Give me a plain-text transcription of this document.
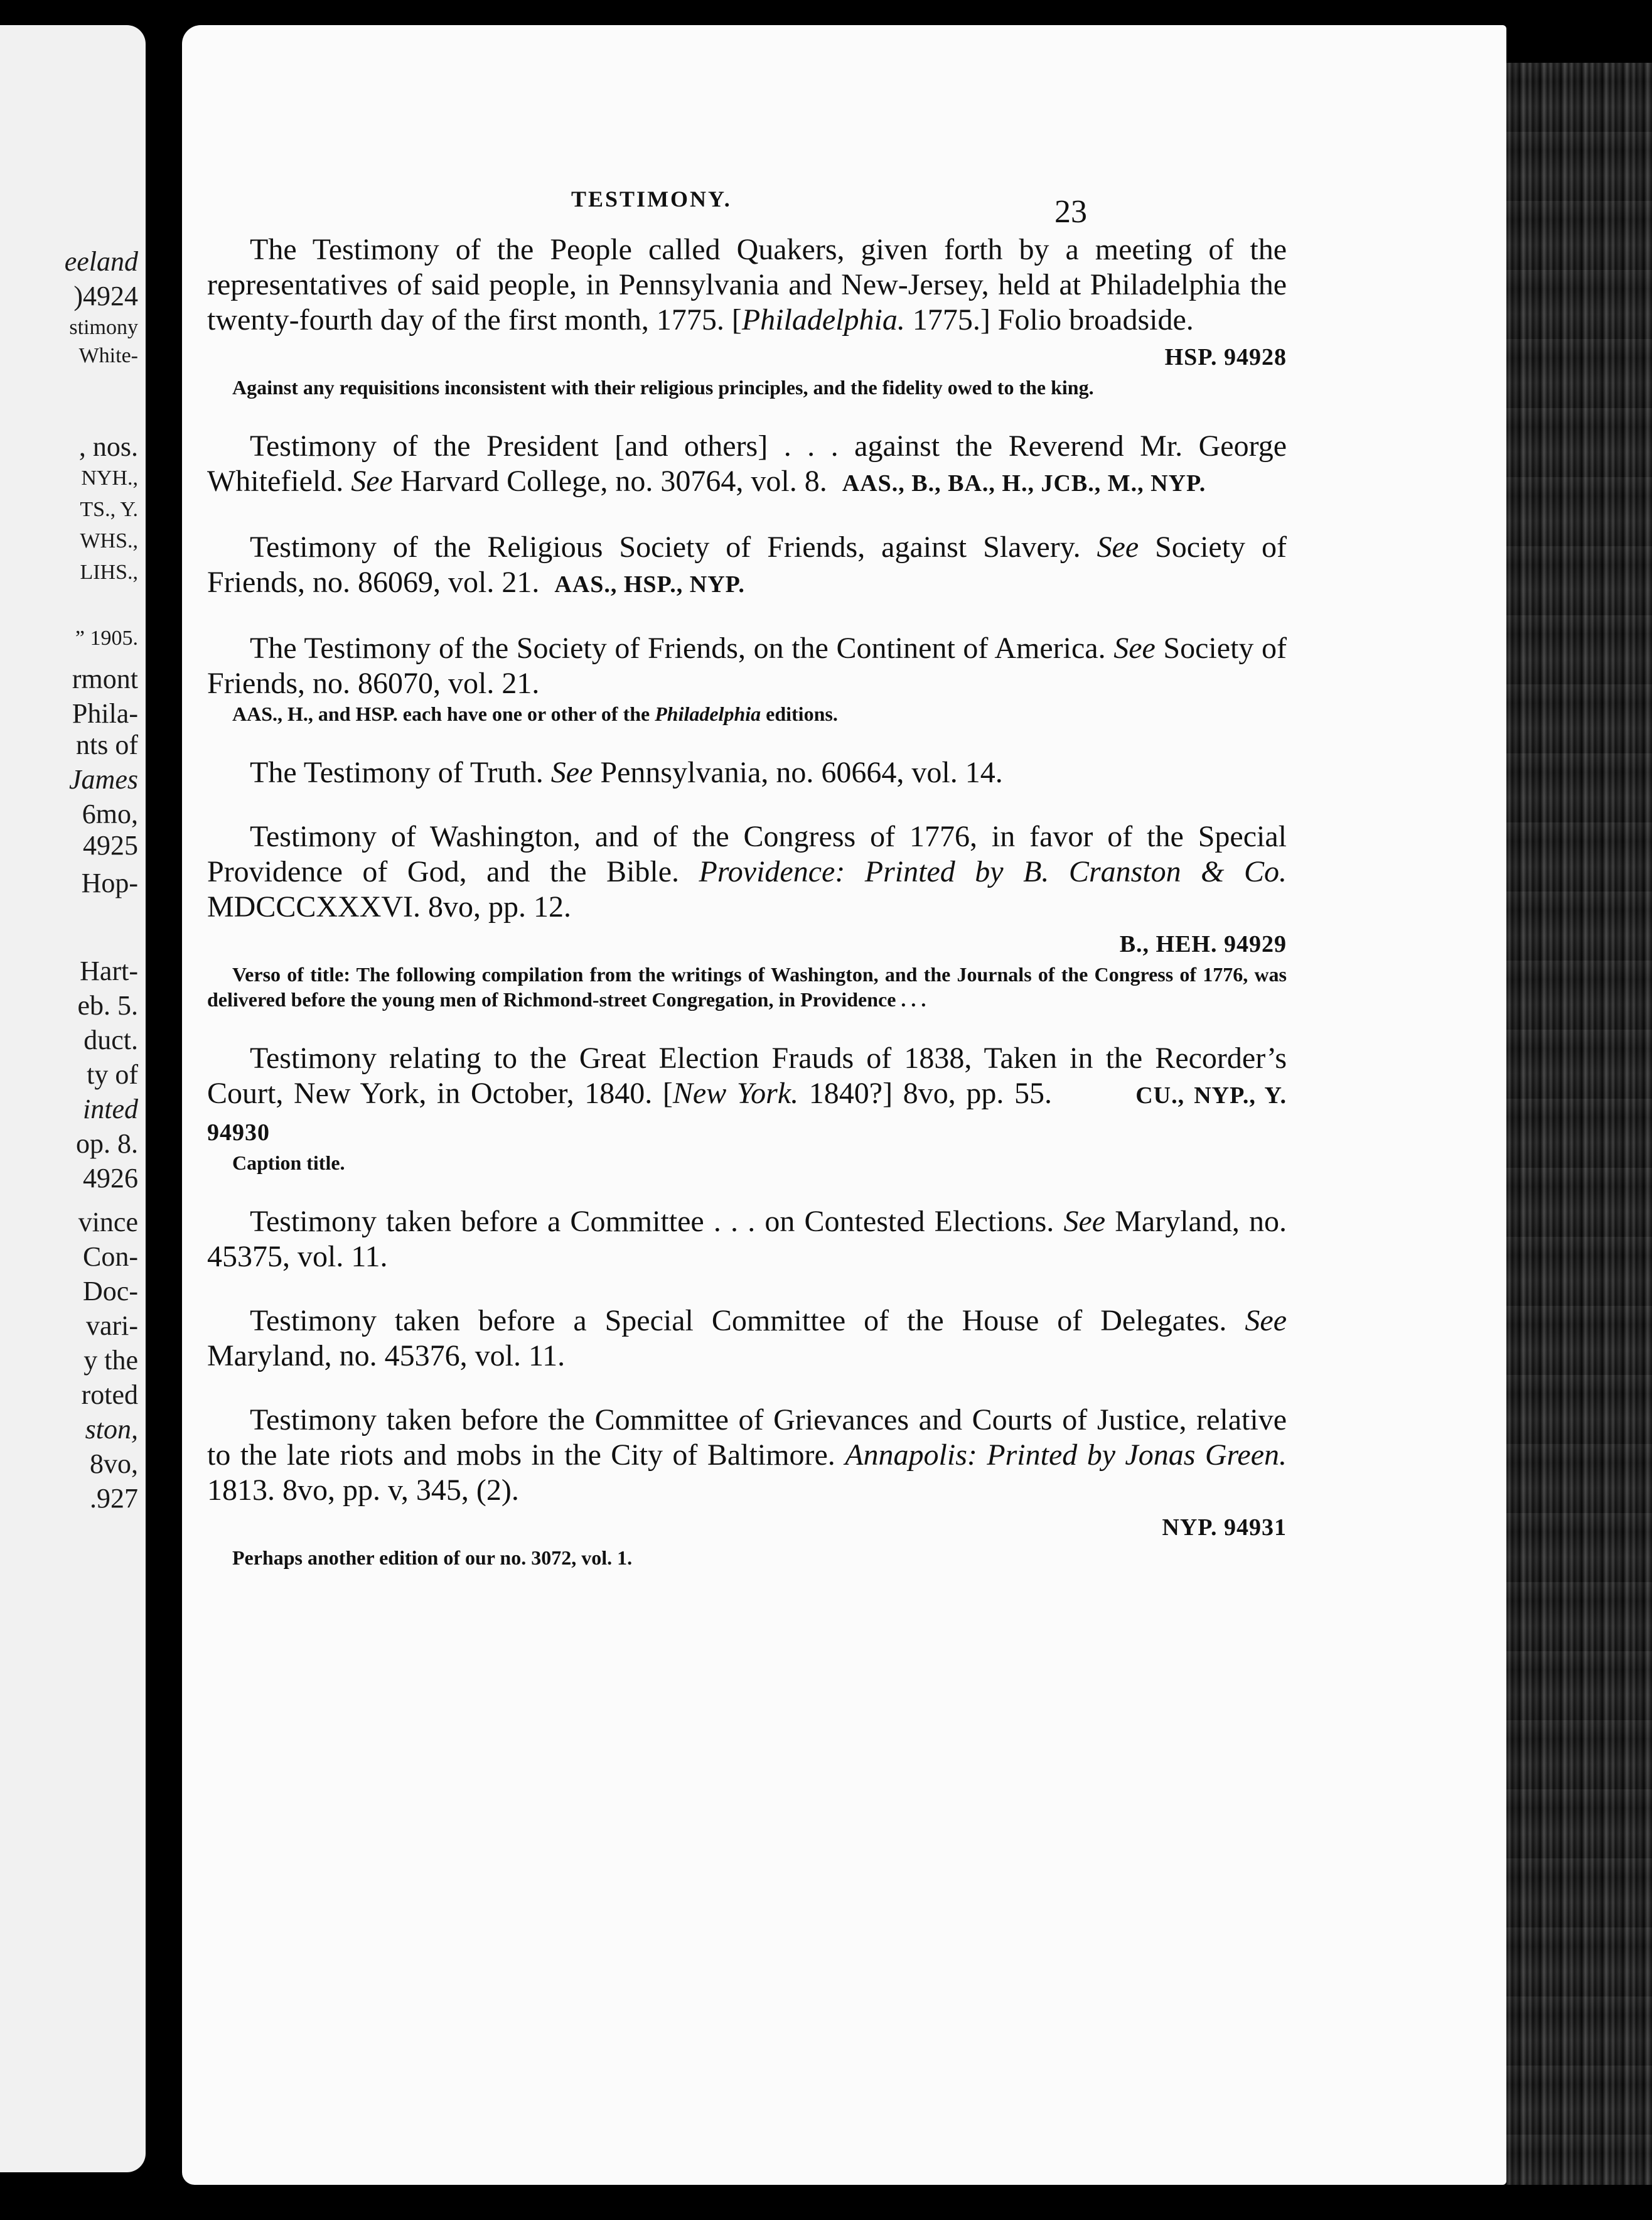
eeland
)4924
stimony
White-
, nos.
NYH.,
TS., Y.
WHS.,
LIHS.,
” 1905.
rmont
Phila-
nts of
James
6mo,
4925
Hop-
Hart-
eb. 5.
duct.
ty of
inted
op. 8.
4926
vince
Con-
Doc-
vari-
y the
roted
ston,
8vo,
.927
TESTIMONY.	23

The Testimony of the People called Quakers, given forth by a meeting of the representatives of said people, in Pennsylvania and New-Jersey, held at Philadelphia the twenty-fourth day of the first month, 1775. [Philadelphia. 1775.] Folio broadside.

HSP. 94928

Against any requisitions inconsistent with their religious principles, and the fidelity owed to the king.

Testimony of the President [and others] . . . against the Reverend Mr. George Whitefield. See Harvard College, no. 30764, vol. 8. AAS., B., BA., H., JCB., M., NYP.

Testimony of the Religious Society of Friends, against Slavery. See Society of Friends, no. 86069, vol. 21. AAS., HSP., NYP.

The Testimony of the Society of Friends, on the Continent of America. See Society of Friends, no. 86070, vol. 21.

AAS., H., and HSP. each have one or other of the Philadelphia editions.

The Testimony of Truth. See Pennsylvania, no. 60664, vol. 14.

Testimony of Washington, and of the Congress of 1776, in favor of the Special Providence of God, and the Bible. Providence: Printed by B. Cranston & Co. MDCCCXXXVI. 8vo, pp. 12.

B., HEH. 94929

Verso of title: The following compilation from the writings of Washington, and the Journals of the Congress of 1776, was delivered before the young men of Richmond-street Congregation, in Providence . . .

Testimony relating to the Great Election Frauds of 1838, Taken in the Recorder’s Court, New York, in October, 1840. [New York. 1840?] 8vo, pp. 55.	CU., NYP., Y. 94930

Caption title.

Testimony taken before a Committee . . . on Contested Elections. See Maryland, no. 45375, vol. 11.

Testimony taken before a Special Committee of the House of Delegates. See Maryland, no. 45376, vol. 11.

Testimony taken before the Committee of Grievances and Courts of Justice, relative to the late riots and mobs in the City of Baltimore. Annapolis: Printed by Jonas Green. 1813. 8vo, pp. v, 345, (2).

NYP. 94931

Perhaps another edition of our no. 3072, vol. 1.
